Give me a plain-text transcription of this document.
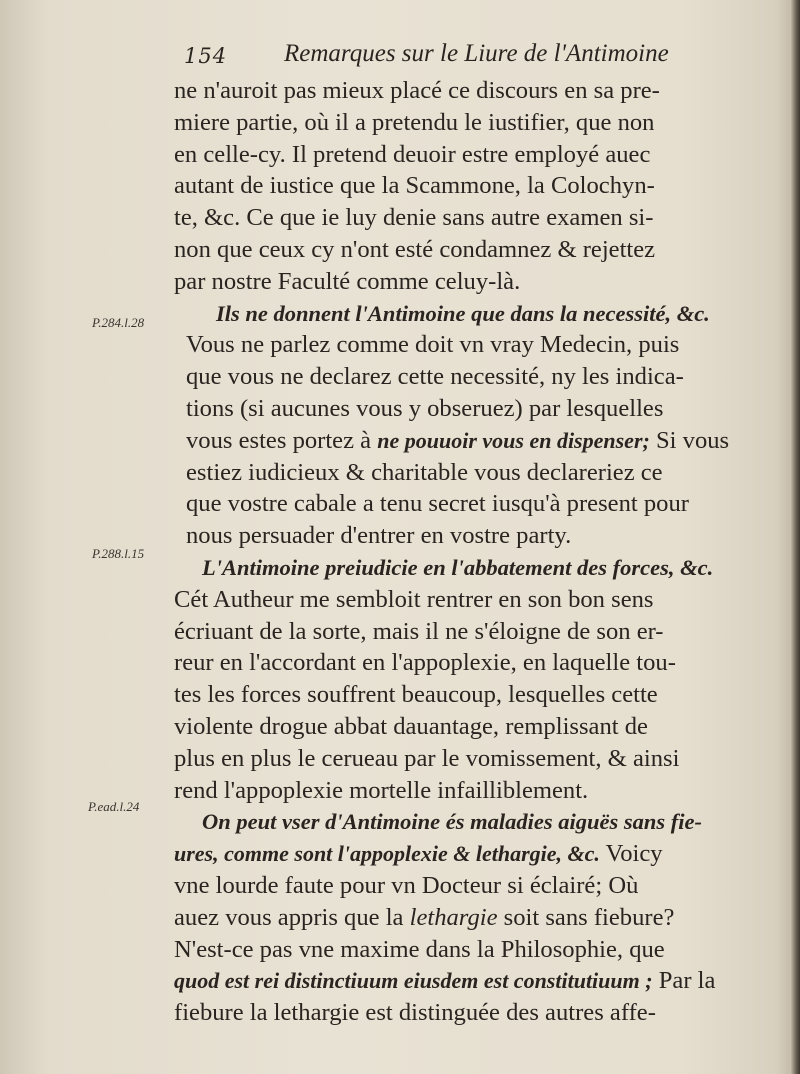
154 Remarques sur le Liure de l'Antimoine
P.284.l.28
P.288.l.15
P.ead.l.24
ne n'auroit pas mieux placé ce discours en sa pre-
miere partie, où il a pretendu le iustifier, que non
en celle-cy. Il pretend deuoir estre employé auec
autant de iustice que la Scammone, la Colochyn-
te, &c. Ce que ie luy denie sans autre examen si-
non que ceux cy n'ont esté condamnez & rejettez
par nostre Faculté comme celuy-là.
Ils ne donnent l'Antimoine que dans la necessité, &c.
Vous ne parlez comme doit vn vray Medecin, puis
que vous ne declarez cette necessité, ny les indica-
tions (si aucunes vous y obseruez) par lesquelles
vous estes portez à ne pouuoir vous en dispenser; Si vous
estiez iudicieux & charitable vous declareriez ce
que vostre cabale a tenu secret iusqu'à present pour
nous persuader d'entrer en vostre party.
L'Antimoine preiudicie en l'abbatement des forces, &c.
Cét Autheur me sembloit rentrer en son bon sens
écriuant de la sorte, mais il ne s'éloigne de son er-
reur en l'accordant en l'appoplexie, en laquelle tou-
tes les forces souffrent beaucoup, lesquelles cette
violente drogue abbat dauantage, remplissant de
plus en plus le cerueau par le vomissement, & ainsi
rend l'appoplexie mortelle infailliblement.
On peut vser d'Antimoine és maladies aiguës sans fie-
ures, comme sont l'appoplexie & lethargie, &c. Voicy
vne lourde faute pour vn Docteur si éclairé; Où
auez vous appris que la lethargie soit sans fiebure?
N'est-ce pas vne maxime dans la Philosophie, que
quod est rei distinctiuum eiusdem est constitutiuum ; Par la
fiebure la lethargie est distinguée des autres affe-
